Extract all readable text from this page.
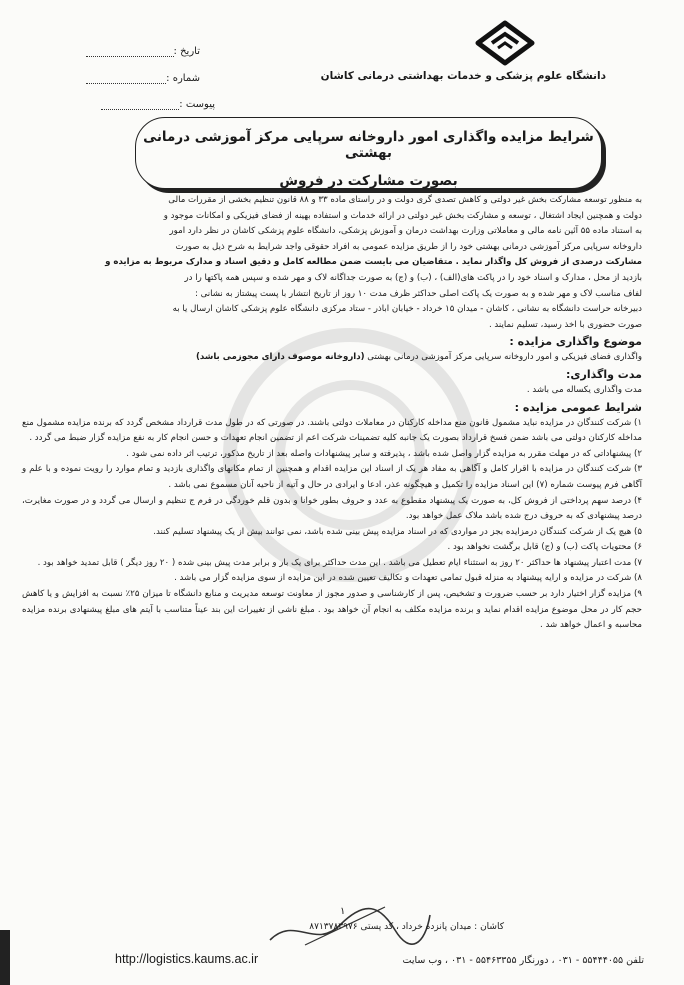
دانشگاه علوم پزشکی و خدمات بهداشتی درمانی کاشان
تاریخ :
شماره :
پیوست :
شرایط مزایده واگذاری امور داروخانه سرپایی مرکز آموزشی درمانی بهشتی
بصورت مشارکت در فروش

به منظور توسعه مشارکت بخش غیر دولتی و کاهش تصدی گری دولت و در راستای ماده ۳۳ و ۸۸ قانون تنظیم بخشی از مقررات مالی

دولت و همچنین ایجاد اشتغال ، توسعه و مشارکت بخش غیر دولتی در ارائه خدمات و استفاده بهینه از فضای فیزیکی و امکانات موجود و

به استناد ماده ۵۵ آئین نامه مالی و معاملاتی وزارت بهداشت درمان و آموزش پزشکی، دانشگاه علوم پزشکی کاشان در نظر دارد امور

داروخانه سرپایی مرکز آموزشی درمانی بهشتی خود را از طریق مزایده عمومی به افراد حقوقی واجد شرایط به شرح ذیل به صورت

مشارکت درصدی از فروش کل واگذار نماید . متقاضیان می بایست ضمن مطالعه کامل و دقیق اسناد و مدارک مربوط به مزایده و

بازدید از محل ، مدارک و اسناد خود را در پاکت های(الف) ، (ب) و (ج) به صورت جداگانه لاک و مهر شده و سپس همه پاکتها را در

لفاف مناسب لاک و مهر شده و به صورت یک پاکت اصلی حداکثر ظرف مدت ۱۰ روز از تاریخ انتشار با پست پیشتاز به نشانی :

دبیرخانه حراست دانشگاه به نشانی ، کاشان - میدان ۱۵ خرداد - خیابان اباذر - ستاد مرکزی دانشگاه علوم پزشکی کاشان ارسال یا به

صورت حضوری با اخذ رسید، تسلیم نمایند .

موضوع واگذاری مزایده :

واگذاری فضای فیزیکی و امور داروخانه سرپایی مرکز آموزشی درمانی بهشتی (داروخانه موصوف دارای مجوزمی باشد)

مدت واگذاری:

مدت واگذاری یکساله می باشد .

شرایط عمومی مزایده :

۱) شرکت کنندگان در مزایده نباید مشمول قانون منع مداخله کارکنان در معاملات دولتی باشند. در صورتی که در طول مدت قرارداد مشخص گردد که برنده مزایده مشمول منع مداخله کارکنان دولتی می باشد ضمن فسخ قرارداد بصورت یک جانبه کلیه تضمینات شرکت اعم از تضمین انجام تعهدات و حسن انجام کار به نفع مزایده گزار ضبط می گردد .

۲) پیشنهاداتی که در مهلت مقرر به مزایده گزار واصل شده باشد ، پذیرفته و سایر پیشنهادات واصله بعد از تاریخ مذکور، ترتیب اثر داده نمی شود .

۳) شرکت کنندگان در مزایده با اقرار کامل و آگاهی به مفاد هر یک از اسناد این مزایده اقدام و همچنین از تمام مکانهای واگذاری بازدید و تمام موارد را رویت نموده و با علم و آگاهی فرم پیوست شماره (۷) این اسناد مزایده را تکمیل و هیچگونه عذر، ادعا و ایرادی در حال و آتیه از ناحیه آنان مسموع نمی باشد .

۴) درصد سهم پرداختی از فروش کل، به صورت یک پیشنهاد مقطوع به عدد و حروف بطور خوانا و بدون قلم خوردگی در فرم ج تنظیم و ارسال می گردد و در صورت مغایرت، درصد پیشنهادی که به حروف درج شده باشد ملاک عمل خواهد بود.

۵) هیچ یک از شرکت کنندگان درمزایده بجز در مواردی که در اسناد مزایده پیش بینی شده باشد، نمی توانند بیش از یک پیشنهاد تسلیم کنند.

۶) محتویات پاکت (ب) و (ج) قابل برگشت نخواهد بود .

۷) مدت اعتبار پیشنهاد ها حداکثر ۲۰ روز به استثناء ایام تعطیل می باشد . این مدت حداکثر برای یک بار و برابر مدت پیش بینی شده ( ۲۰ روز دیگر ) قابل تمدید خواهد بود .

۸) شرکت در مزایده و ارایه پیشنهاد به منزله قبول تمامی تعهدات و تکالیف تعیین شده در این مزایده از سوی مزایده گزار می باشد .

۹) مزایده گزار اختیار دارد بر حسب ضرورت و تشخیص، پس از کارشناسی و صدور مجوز از معاونت توسعه مدیریت و منابع دانشگاه تا میزان ۲۵٪ نسبت به افزایش و یا کاهش حجم کار در محل موضوع مزایده اقدام نماید و برنده مزایده مکلف به انجام آن خواهد بود . مبلغ ناشی از تغییرات این بند عیناً متناسب با آیتم های مبلغ پیشنهادی برنده مزایده محاسبه و اعمال خواهد شد .

۱
کاشان : میدان پانزده خرداد ، کد پستی ۸۷۱۳۷۸۳۹۷۶
تلفن ۵۵۴۴۴۰۵۵ - ۰۳۱ ، دورنگار ۵۵۴۶۳۳۵۵ - ۰۳۱ ، وب سایت
http://logistics.kaums.ac.ir
